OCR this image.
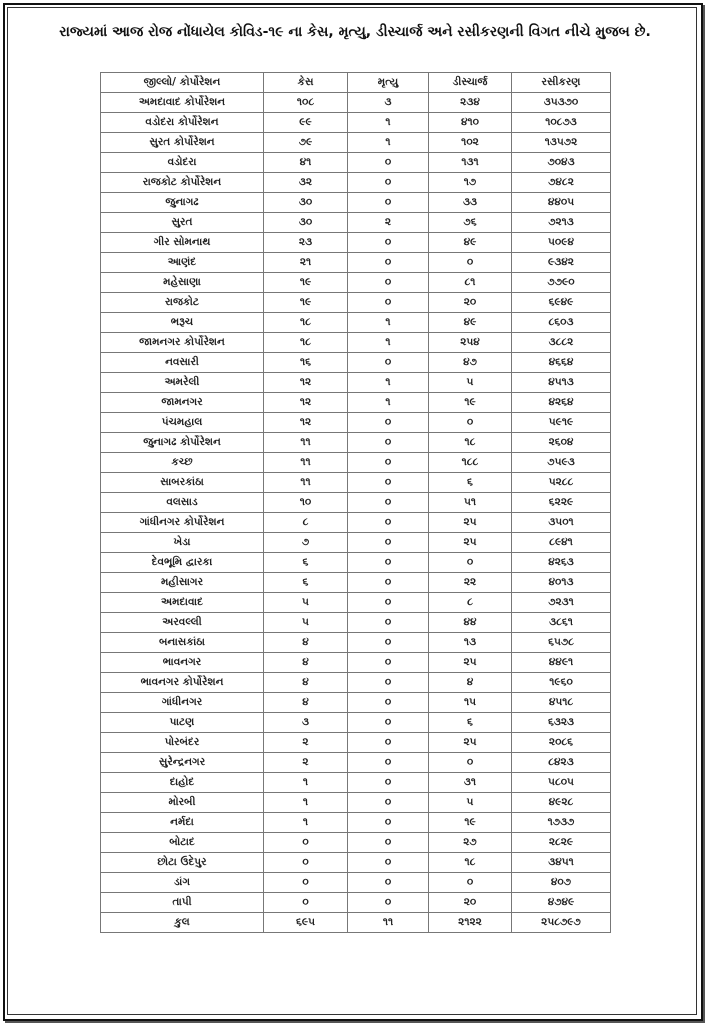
રાજ્યમાં આજ રોજ નોંધાયેલ કોવિડ-૧૯ ના કેસ, મૃત્યુ, ડીસ્ચાર્જ અને રસીકરણની વિગત નીચે મુજબ છે.
જીલ્લો/ કોર્પોરેશન	કેસ	મૃત્યુ	ડીસ્ચાર્જ	રસીકરણ
અમદાવાદ કોર્પોરેશન	૧૦૮	૩	૨૩૪	૩૫૩૭૦
વડોદરા કોર્પોરેશન	૯૯	૧	૪૧૦	૧૦૮૭૩
સુરત કોર્પોરેશન	૭૯	૧	૧૦૨	૧૩૫૭૨
વડોદરા	૪૧	૦	૧૩૧	૭૦૪૩
રાજકોટ કોર્પોરેશન	૩૨	૦	૧૭	૭૪૮૨
જુનાગઢ	૩૦	૦	૩૩	૪૪૦૫
સુરત	૩૦	૨	૭૬	૭૨૧૩
ગીર સોમનાથ	૨૩	૦	૪૯	૫૦૯૪
આણંદ	૨૧	૦	૦	૯૩૪૨
મહેસાણા	૧૯	૦	૮૧	૭૭૯૦
રાજકોટ	૧૯	૦	૨૦	૬૯૪૯
ભરૂચ	૧૮	૧	૪૯	૮૬૦૩
જામનગર કોર્પોરેશન	૧૮	૧	૨૫૪	૩૮૮૨
નવસારી	૧૬	૦	૪૭	૪૬૬૪
અમરેલી	૧૨	૧	૫	૪૫૧૩
જામનગર	૧૨	૧	૧૯	૪૨૬૪
પંચમહાલ	૧૨	૦	૦	૫૯૧૯
જુનાગઢ કોર્પોરેશન	૧૧	૦	૧૮	૨૬૦૪
કચ્છ	૧૧	૦	૧૮૮	૭૫૯૩
સાબરકાંઠા	૧૧	૦	૬	૫૨૮૮
વલસાડ	૧૦	૦	૫૧	૬૨૨૯
ગાંધીનગર કોર્પોરેશન	૮	૦	૨૫	૩૫૦૧
ખેડા	૭	૦	૨૫	૮૯૪૧
દેવભૂમિ દ્વારકા	૬	૦	૦	૪૨૬૩
મહીસાગર	૬	૦	૨૨	૪૦૧૩
અમદાવાદ	૫	૦	૮	૭૨૩૧
અરવલ્લી	૫	૦	૪૪	૩૮૬૧
બનાસકાંઠા	૪	૦	૧૩	૬૫૭૮
ભાવનગર	૪	૦	૨૫	૪૪૯૧
ભાવનગર કોર્પોરેશન	૪	૦	૪	૧૯૬૦
ગાંધીનગર	૪	૦	૧૫	૪૫૧૮
પાટણ	૩	૦	૬	૬૩૨૩
પોરબંદર	૨	૦	૨૫	૨૦૮૬
સુરેન્દ્રનગર	૨	૦	૦	૮૪૨૩
દાહોદ	૧	૦	૩૧	૫૮૦૫
મોરબી	૧	૦	૫	૪૯૨૮
નર્મદા	૧	૦	૧૯	૧૭૩૭
બોટાદ	૦	૦	૨૭	૨૮૨૯
છોટા ઉદેપુર	૦	૦	૧૮	૩૪૫૧
ડાંગ	૦	૦	૦	૪૦૭
તાપી	૦	૦	૨૦	૪૭૪૯
કુલ	૬૯૫	૧૧	૨૧૨૨	૨૫૮૭૯૭
